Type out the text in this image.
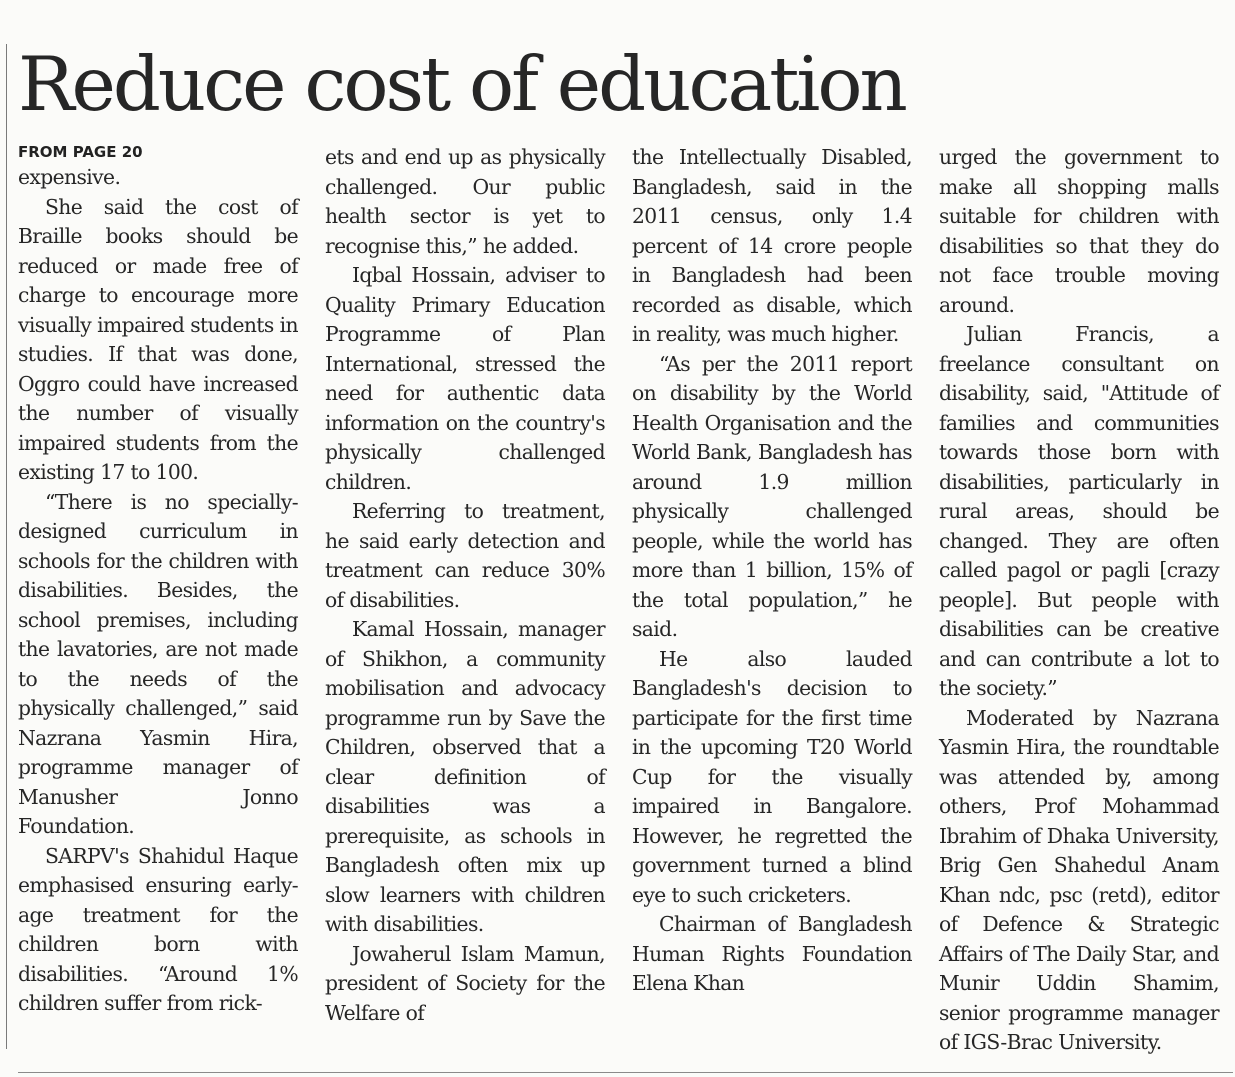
Reduce cost of education
FROM PAGE 20

expensive.

She said the cost of Braille books should be reduced or made free of charge to encourage more visually impaired students in studies. If that was done, Oggro could have increased the number of visually impaired students from the existing 17 to 100.

“There is no specially-designed curriculum in schools for the children with disabilities. Besides, the school premises, including the lavatories, are not made to the needs of the physically challenged,” said Nazrana Yasmin Hira, programme manager of Manusher Jonno Foundation.

SARPV's Shahidul Haque emphasised ensuring early-age treatment for the children born with disabilities. “Around 1% children suffer from rick-

ets and end up as physically challenged. Our public health sector is yet to recognise this,” he added.

Iqbal Hossain, adviser to Quality Primary Education Programme of Plan International, stressed the need for authentic data information on the country's physically challenged children.

Referring to treatment, he said early detection and treatment can reduce 30% of disabilities.

Kamal Hossain, manager of Shikhon, a community mobilisation and advocacy programme run by Save the Children, observed that a clear definition of disabilities was a prerequisite, as schools in Bangladesh often mix up slow learners with children with disabilities.

Jowaherul Islam Mamun, president of Society for the Welfare of

the Intellectually Disabled, Bangladesh, said in the 2011 census, only 1.4 percent of 14 crore people in Bangladesh had been recorded as disable, which in reality, was much higher.

“As per the 2011 report on disability by the World Health Organisation and the World Bank, Bangladesh has around 1.9 million physically challenged people, while the world has more than 1 billion, 15% of the total population,” he said.

He also lauded Bangladesh's decision to participate for the first time in the upcoming T20 World Cup for the visually impaired in Bangalore. However, he regretted the government turned a blind eye to such cricketers.

Chairman of Bangladesh Human Rights Foundation Elena Khan

urged the government to make all shopping malls suitable for children with disabilities so that they do not face trouble moving around.

Julian Francis, a freelance consultant on disability, said, "Attitude of families and communities towards those born with disabilities, particularly in rural areas, should be changed. They are often called pagol or pagli [crazy people]. But people with disabilities can be creative and can contribute a lot to the society.”

Moderated by Nazrana Yasmin Hira, the roundtable was attended by, among others, Prof Mohammad Ibrahim of Dhaka University, Brig Gen Shahedul Anam Khan ndc, psc (retd), editor of Defence & Strategic Affairs of The Daily Star, and Munir Uddin Shamim, senior programme manager of IGS-Brac University.
